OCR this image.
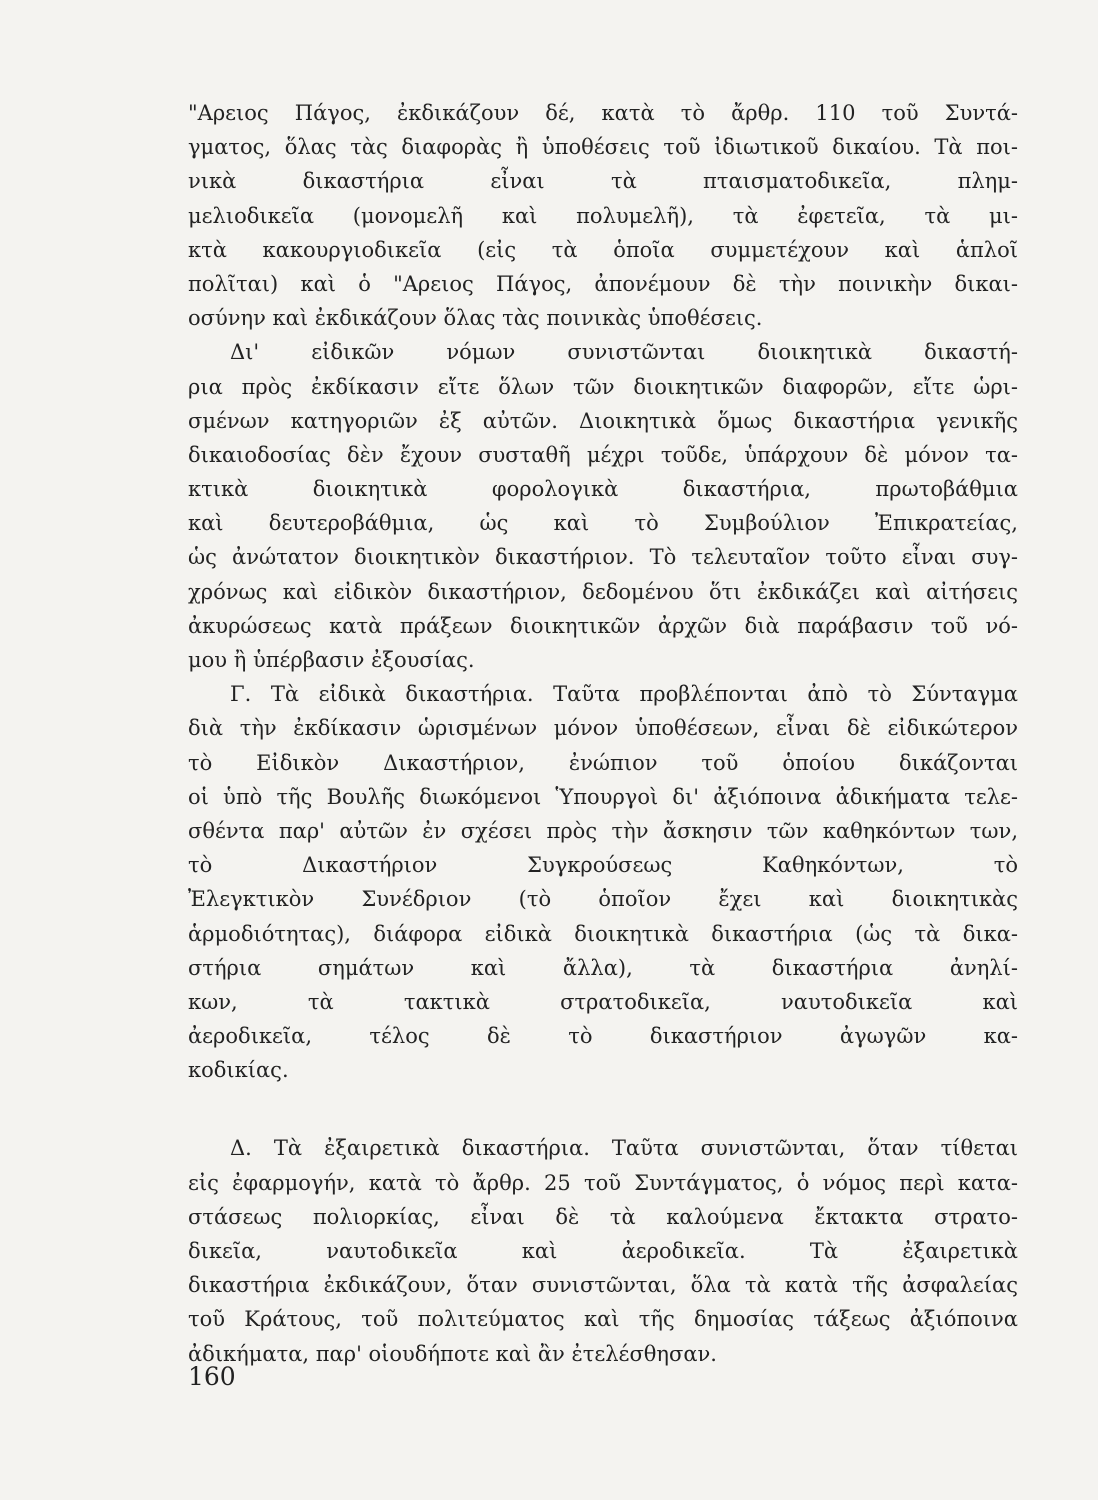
"Αρειος Πάγος, ἐκδικάζουν δέ, κατὰ τὸ ἄρθρ. 110 τοῦ Συντά-
γματος, ὅλας τὰς διαφορὰς ἢ ὑποθέσεις τοῦ ἰδιωτικοῦ δικαίου. Τὰ ποι-
νικὰ δικαστήρια εἶναι τὰ πταισματοδικεῖα, πλημ-
μελιοδικεῖα (μονομελῆ καὶ πολυμελῆ), τὰ ἐφετεῖα, τὰ μι-
κτὰ κακουργιοδικεῖα (εἰς τὰ ὁποῖα συμμετέχουν καὶ ἁπλοῖ
πολῖται) καὶ ὁ "Αρειος Πάγος, ἀπονέμουν δὲ τὴν ποινικὴν δικαι-
οσύνην καὶ ἐκδικάζουν ὅλας τὰς ποινικὰς ὑποθέσεις.
Δι' εἰδικῶν νόμων συνιστῶνται διοικητικὰ δικαστή-
ρια πρὸς ἐκδίκασιν εἴτε ὅλων τῶν διοικητικῶν διαφορῶν, εἴτε ὡρι-
σμένων κατηγοριῶν ἐξ αὐτῶν. Διοικητικὰ ὅμως δικαστήρια γενικῆς
δικαιοδοσίας δὲν ἔχουν συσταθῆ μέχρι τοῦδε, ὑπάρχουν δὲ μόνον τα-
κτικὰ διοικητικὰ φορολογικὰ δικαστήρια, πρωτοβάθμια
καὶ δευτεροβάθμια, ὡς καὶ τὸ Συμβούλιον Ἐπικρατείας,
ὡς ἀνώτατον διοικητικὸν δικαστήριον. Τὸ τελευταῖον τοῦτο εἶναι συγ-
χρόνως καὶ εἰδικὸν δικαστήριον, δεδομένου ὅτι ἐκδικάζει καὶ αἰτήσεις
ἀκυρώσεως κατὰ πράξεων διοικητικῶν ἀρχῶν διὰ παράβασιν τοῦ νό-
μου ἢ ὑπέρβασιν ἐξουσίας.
Γ. Τὰ εἰδικὰ δικαστήρια. Ταῦτα προβλέπονται ἀπὸ τὸ Σύνταγμα
διὰ τὴν ἐκδίκασιν ὡρισμένων μόνον ὑποθέσεων, εἶναι δὲ εἰδικώτερον
τὸ Εἰδικὸν Δικαστήριον, ἐνώπιον τοῦ ὁποίου δικάζονται
οἱ ὑπὸ τῆς Βουλῆς διωκόμενοι Ὑπουργοὶ δι' ἀξιόποινα ἀδικήματα τελε-
σθέντα παρ' αὐτῶν ἐν σχέσει πρὸς τὴν ἄσκησιν τῶν καθηκόντων των,
τὸ Δικαστήριον Συγκρούσεως Καθηκόντων, τὸ
Ἐλεγκτικὸν Συνέδριον (τὸ ὁποῖον ἔχει καὶ διοικητικὰς
ἁρμοδιότητας), διάφορα εἰδικὰ διοικητικὰ δικαστήρια (ὡς τὰ δικα-
στήρια σημάτων καὶ ἄλλα), τὰ δικαστήρια ἀνηλί-
κων, τὰ τακτικὰ στρατοδικεῖα, ναυτοδικεῖα καὶ
ἀεροδικεῖα, τέλος δὲ τὸ δικαστήριον ἀγωγῶν κα-
κοδικίας.
Δ. Τὰ ἐξαιρετικὰ δικαστήρια. Ταῦτα συνιστῶνται, ὅταν τίθεται
εἰς ἐφαρμογήν, κατὰ τὸ ἄρθρ. 25 τοῦ Συντάγματος, ὁ νόμος περὶ κατα-
στάσεως πολιορκίας, εἶναι δὲ τὰ καλούμενα ἔκτακτα στρατο-
δικεῖα, ναυτοδικεῖα καὶ ἀεροδικεῖα. Τὰ ἐξαιρετικὰ
δικαστήρια ἐκδικάζουν, ὅταν συνιστῶνται, ὅλα τὰ κατὰ τῆς ἀσφαλείας
τοῦ Κράτους, τοῦ πολιτεύματος καὶ τῆς δημοσίας τάξεως ἀξιόποινα
ἀδικήματα, παρ' οἱουδήποτε καὶ ἂν ἐτελέσθησαν.
160
